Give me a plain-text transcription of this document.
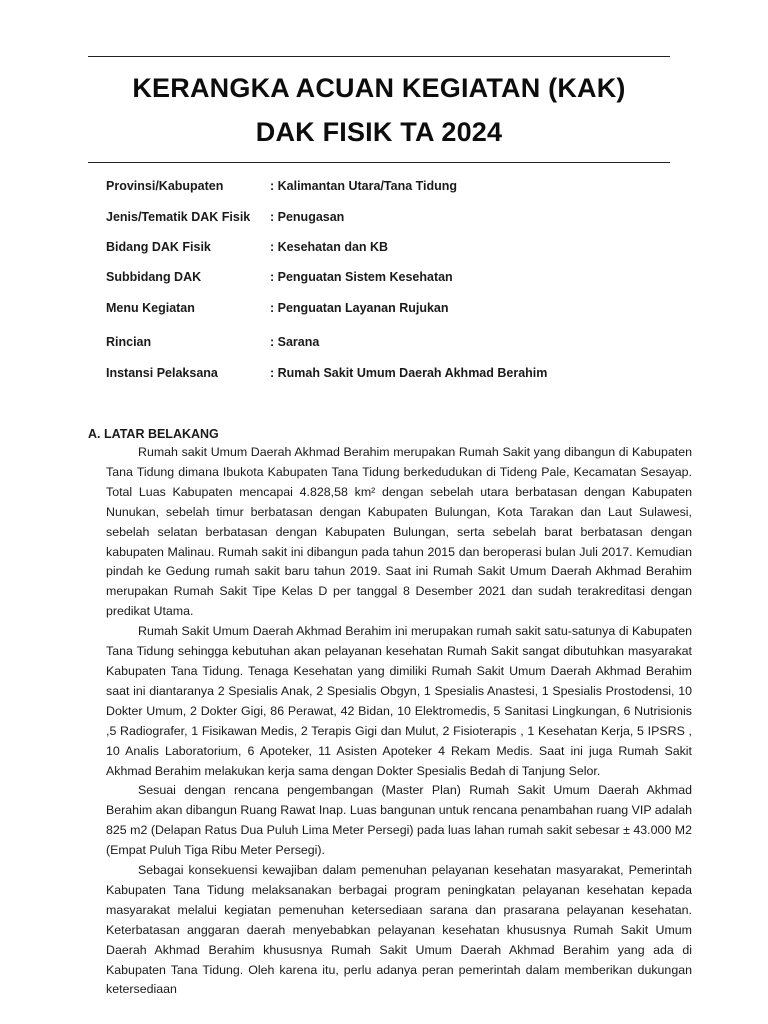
KERANGKA ACUAN KEGIATAN (KAK)
DAK FISIK TA 2024
Provinsi/Kabupaten	: Kalimantan Utara/Tana Tidung
Jenis/Tematik DAK Fisik : Penugasan
Bidang DAK Fisik	: Kesehatan dan KB
Subbidang DAK	: Penguatan Sistem Kesehatan
Menu Kegiatan	: Penguatan Layanan Rujukan
Rincian	: Sarana
Instansi Pelaksana	: Rumah Sakit Umum Daerah Akhmad Berahim
A. LATAR BELAKANG

Rumah sakit Umum Daerah Akhmad Berahim merupakan Rumah Sakit yang dibangun di Kabupaten Tana Tidung dimana Ibukota Kabupaten Tana Tidung berkedudukan di Tideng Pale, Kecamatan Sesayap. Total Luas Kabupaten mencapai 4.828,58 km² dengan sebelah utara berbatasan dengan Kabupaten Nunukan, sebelah timur berbatasan dengan Kabupaten Bulungan, Kota Tarakan dan Laut Sulawesi, sebelah selatan berbatasan dengan Kabupaten Bulungan, serta sebelah barat berbatasan dengan kabupaten Malinau. Rumah sakit ini dibangun pada tahun 2015 dan beroperasi bulan Juli 2017. Kemudian pindah ke Gedung rumah sakit baru tahun 2019. Saat ini Rumah Sakit Umum Daerah Akhmad Berahim merupakan Rumah Sakit Tipe Kelas D per tanggal 8 Desember 2021 dan sudah terakreditasi dengan predikat Utama.

Rumah Sakit Umum Daerah Akhmad Berahim ini merupakan rumah sakit satu-satunya di Kabupaten Tana Tidung sehingga kebutuhan akan pelayanan kesehatan Rumah Sakit sangat dibutuhkan masyarakat Kabupaten Tana Tidung. Tenaga Kesehatan yang dimiliki Rumah Sakit Umum Daerah Akhmad Berahim saat ini diantaranya 2 Spesialis Anak, 2 Spesialis Obgyn, 1 Spesialis Anastesi, 1 Spesialis Prostodensi, 10 Dokter Umum, 2 Dokter Gigi, 86 Perawat, 42 Bidan, 10 Elektromedis, 5 Sanitasi Lingkungan, 6 Nutrisionis ,5 Radiografer, 1 Fisikawan Medis, 2 Terapis Gigi dan Mulut, 2 Fisioterapis , 1 Kesehatan Kerja, 5 IPSRS , 10 Analis Laboratorium, 6 Apoteker, 11 Asisten Apoteker 4 Rekam Medis. Saat ini juga Rumah Sakit Akhmad Berahim melakukan kerja sama dengan Dokter Spesialis Bedah di Tanjung Selor.

Sesuai dengan rencana pengembangan (Master Plan) Rumah Sakit Umum Daerah Akhmad Berahim akan dibangun Ruang Rawat Inap. Luas bangunan untuk rencana penambahan ruang VIP adalah 825 m2 (Delapan Ratus Dua Puluh Lima Meter Persegi) pada luas lahan rumah sakit sebesar ± 43.000 M2 (Empat Puluh Tiga Ribu Meter Persegi).

Sebagai konsekuensi kewajiban dalam pemenuhan pelayanan kesehatan masyarakat, Pemerintah Kabupaten Tana Tidung melaksanakan berbagai program peningkatan pelayanan kesehatan kepada masyarakat melalui kegiatan pemenuhan ketersediaan sarana dan prasarana pelayanan kesehatan. Keterbatasan anggaran daerah menyebabkan pelayanan kesehatan khususnya Rumah Sakit Umum Daerah Akhmad Berahim khususnya Rumah Sakit Umum Daerah Akhmad Berahim yang ada di Kabupaten Tana Tidung. Oleh karena itu, perlu adanya peran pemerintah dalam memberikan dukungan ketersediaan
